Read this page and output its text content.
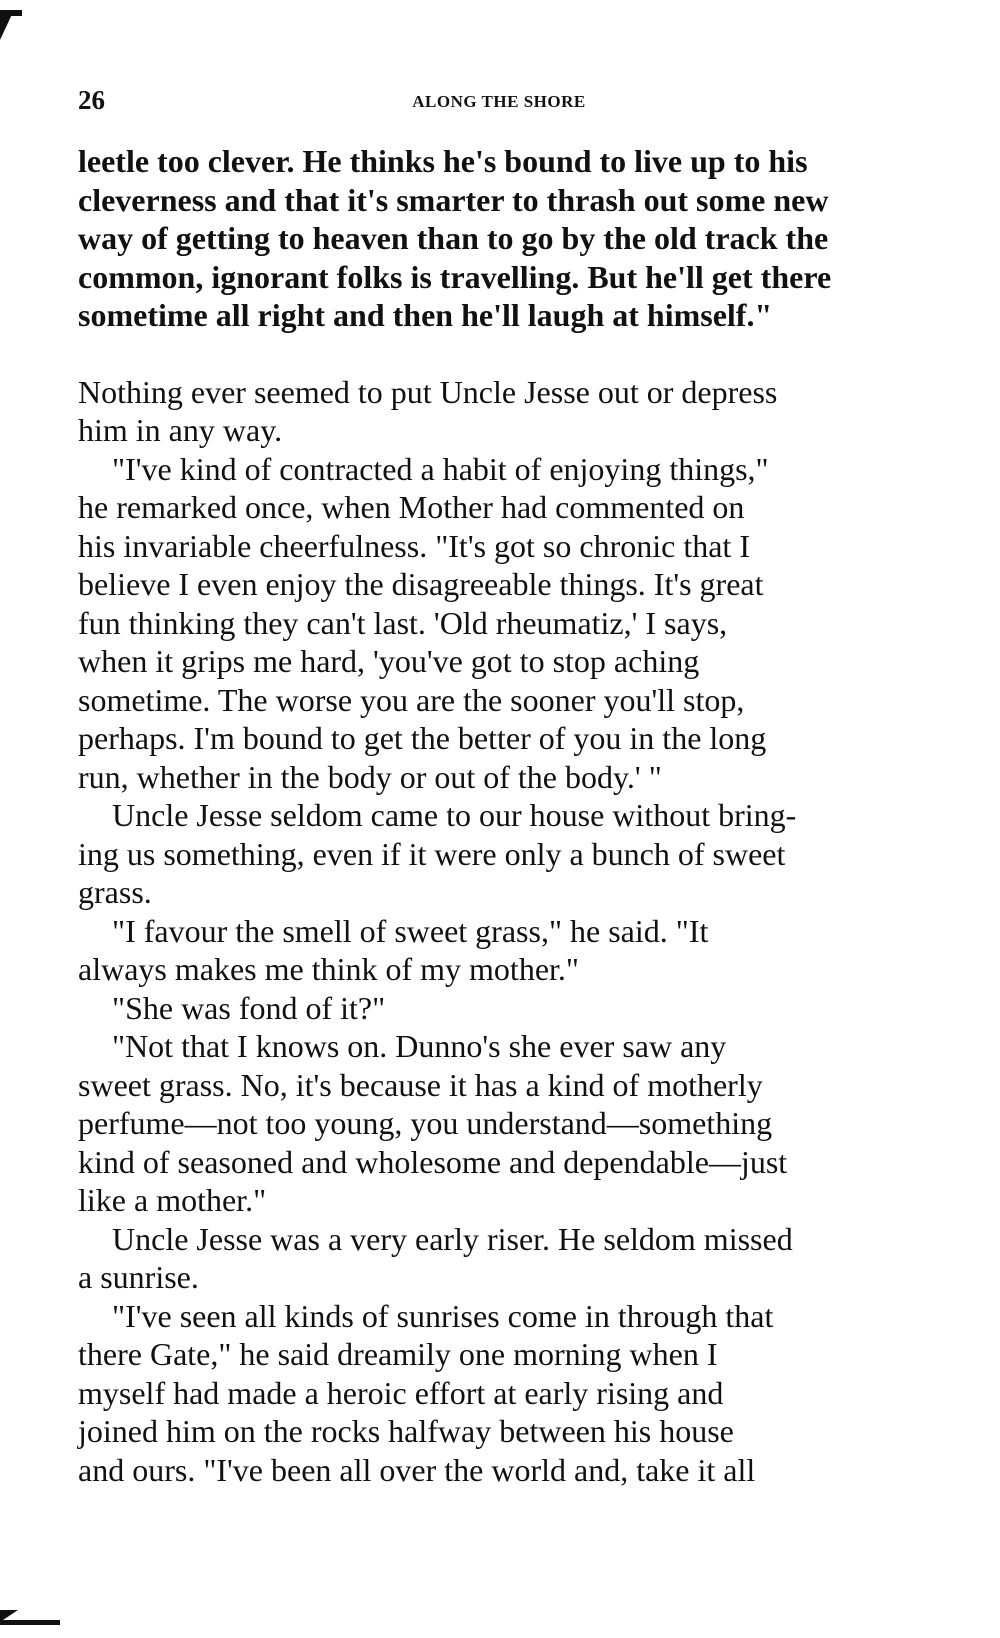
26	ALONG THE SHORE
leetle too clever. He thinks he's bound to live up to his
cleverness and that it's smarter to thrash out some new
way of getting to heaven than to go by the old track the
common, ignorant folks is travelling. But he'll get there
sometime all right and then he'll laugh at himself."
Nothing ever seemed to put Uncle Jesse out or depress
him in any way.
"I've kind of contracted a habit of enjoying things,"
he remarked once, when Mother had commented on
his invariable cheerfulness. "It's got so chronic that I
believe I even enjoy the disagreeable things. It's great
fun thinking they can't last. 'Old rheumatiz,' I says,
when it grips me hard, 'you've got to stop aching
sometime. The worse you are the sooner you'll stop,
perhaps. I'm bound to get the better of you in the long
run, whether in the body or out of the body.' "
Uncle Jesse seldom came to our house without bring-
ing us something, even if it were only a bunch of sweet
grass.
"I favour the smell of sweet grass," he said. "It
always makes me think of my mother."
"She was fond of it?"
"Not that I knows on. Dunno's she ever saw any
sweet grass. No, it's because it has a kind of motherly
perfume—not too young, you understand—something
kind of seasoned and wholesome and dependable—just
like a mother."
Uncle Jesse was a very early riser. He seldom missed
a sunrise.
"I've seen all kinds of sunrises come in through that
there Gate," he said dreamily one morning when I
myself had made a heroic effort at early rising and
joined him on the rocks halfway between his house
and ours. "I've been all over the world and, take it all
